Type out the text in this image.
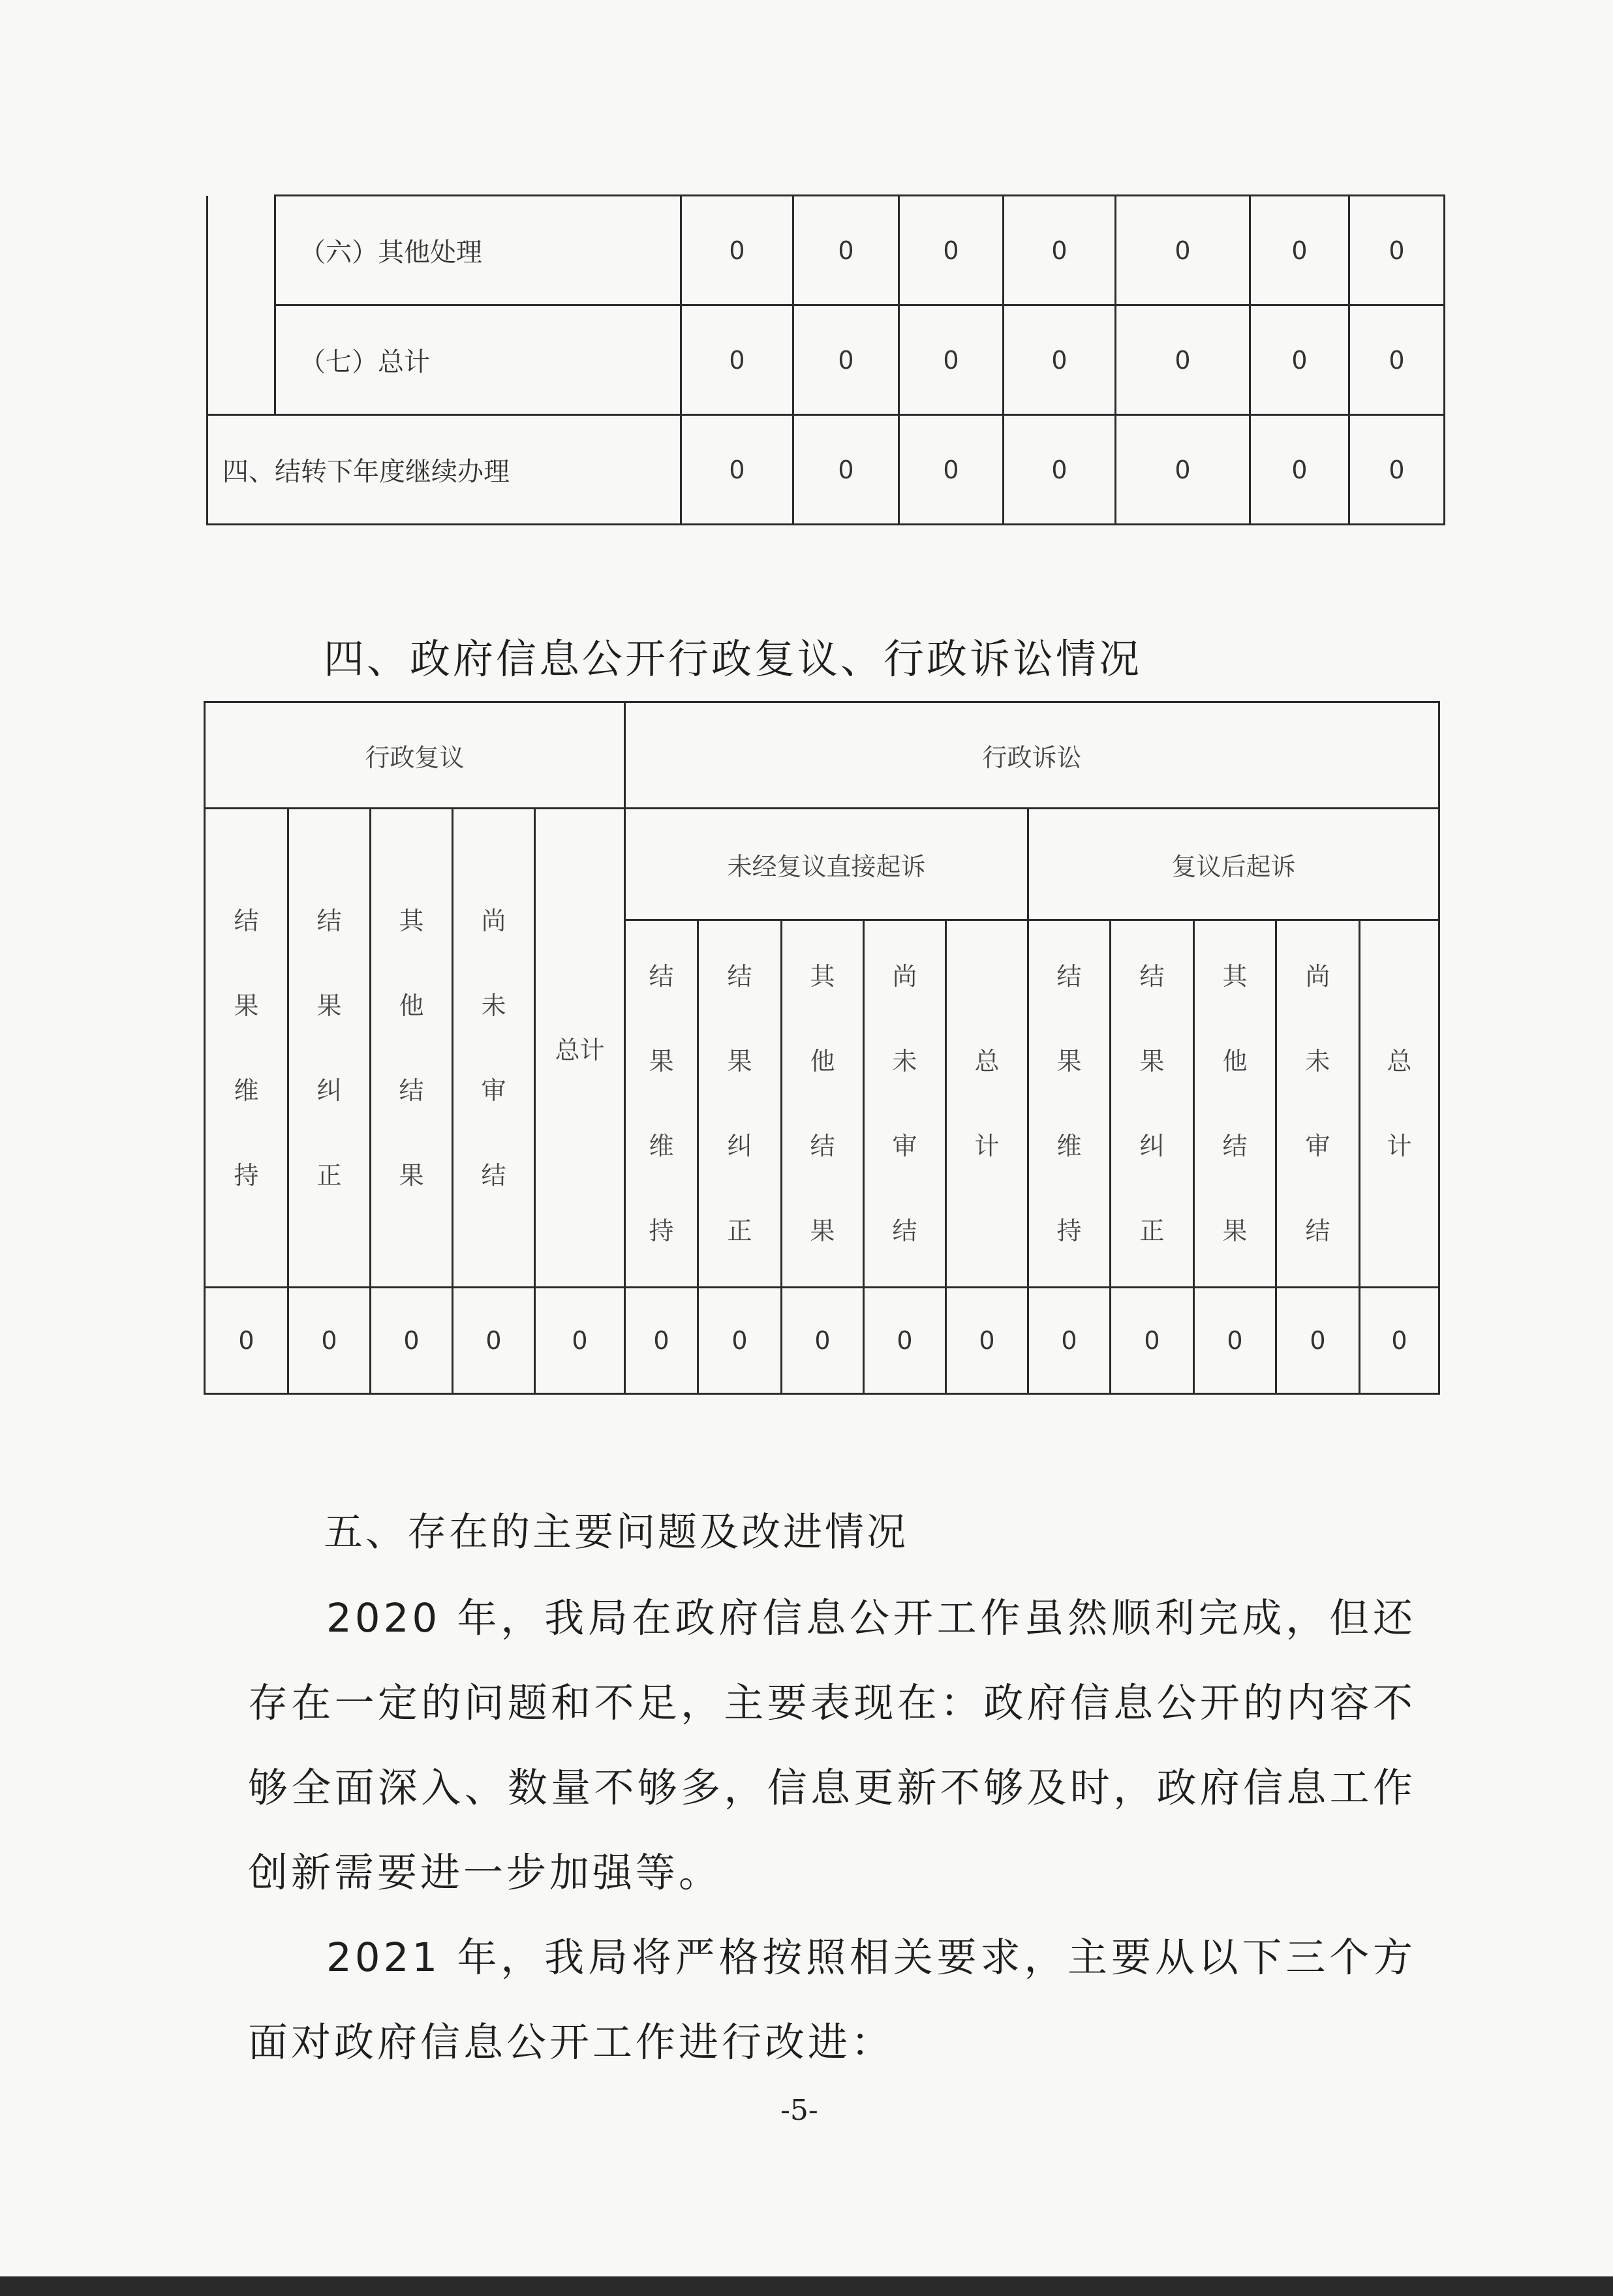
	（六）其他处理	0	0	0	0	0	0	0
	（七）总计	0	0	0	0	0	0	0
四、结转下年度继续办理		0	0	0	0	0	0	0
四、政府信息公开行政复议、行政诉讼情况
行政复议					行政诉讼									
结果维持	结果纠正	其他结果	尚未审结	总计	未经复议直接起诉					复议后起诉				
					结果维持	结果纠正	其他结果	尚未审结	总计	结果维持	结果纠正	其他结果	尚未审结	总计
0	0	0	0	0	0	0	0	0	0	0	0	0	0	0
五、存在的主要问题及改进情况
2020 年，我局在政府信息公开工作虽然顺利完成，但还存在一定的问题和不足，主要表现在：政府信息公开的内容不够全面深入、数量不够多，信息更新不够及时，政府信息工作创新需要进一步加强等。
2021 年，我局将严格按照相关要求，主要从以下三个方面对政府信息公开工作进行改进：
-5-
